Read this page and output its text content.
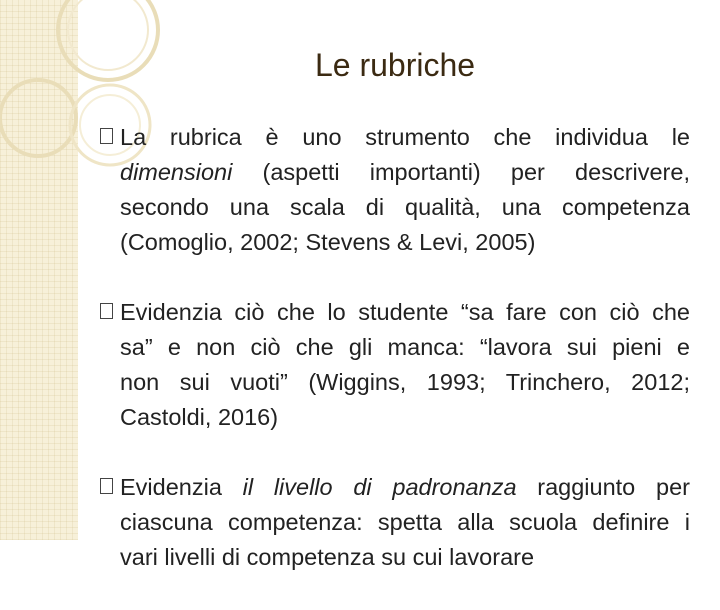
Le rubriche
La rubrica è uno strumento che individua le
dimensioni (aspetti importanti) per descrivere,
secondo una scala di qualità, una competenza
(Comoglio, 2002; Stevens & Levi, 2005)
Evidenzia ciò che lo studente “sa fare con ciò che
sa” e non ciò che gli manca: “lavora sui pieni e
non sui vuoti” (Wiggins, 1993; Trinchero, 2012;
Castoldi, 2016)
Evidenzia il livello di padronanza raggiunto per
ciascuna competenza: spetta alla scuola definire i
vari livelli di competenza su cui lavorare
